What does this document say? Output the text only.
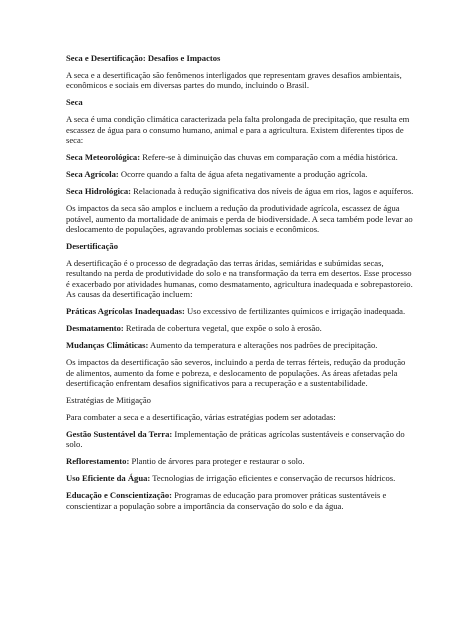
Seca e Desertificação: Desafios e Impactos

A seca e a desertificação são fenômenos interligados que representam graves desafios ambientais, econômicos e sociais em diversas partes do mundo, incluindo o Brasil.

Seca

A seca é uma condição climática caracterizada pela falta prolongada de precipitação, que resulta em escassez de água para o consumo humano, animal e para a agricultura. Existem diferentes tipos de seca:

Seca Meteorológica: Refere-se à diminuição das chuvas em comparação com a média histórica.

Seca Agrícola: Ocorre quando a falta de água afeta negativamente a produção agrícola.

Seca Hidrológica: Relacionada à redução significativa dos níveis de água em rios, lagos e aquíferos.

Os impactos da seca são amplos e incluem a redução da produtividade agrícola, escassez de água potável, aumento da mortalidade de animais e perda de biodiversidade. A seca também pode levar ao deslocamento de populações, agravando problemas sociais e econômicos.

Desertificação

A desertificação é o processo de degradação das terras áridas, semiáridas e subúmidas secas, resultando na perda de produtividade do solo e na transformação da terra em desertos. Esse processo é exacerbado por atividades humanas, como desmatamento, agricultura inadequada e sobrepastoreio. As causas da desertificação incluem:

Práticas Agrícolas Inadequadas: Uso excessivo de fertilizantes químicos e irrigação inadequada.

Desmatamento: Retirada de cobertura vegetal, que expõe o solo à erosão.

Mudanças Climáticas: Aumento da temperatura e alterações nos padrões de precipitação.

Os impactos da desertificação são severos, incluindo a perda de terras férteis, redução da produção de alimentos, aumento da fome e pobreza, e deslocamento de populações. As áreas afetadas pela desertificação enfrentam desafios significativos para a recuperação e a sustentabilidade.

Estratégias de Mitigação

Para combater a seca e a desertificação, várias estratégias podem ser adotadas:

Gestão Sustentável da Terra: Implementação de práticas agrícolas sustentáveis e conservação do solo.

Reflorestamento: Plantio de árvores para proteger e restaurar o solo.

Uso Eficiente da Água: Tecnologias de irrigação eficientes e conservação de recursos hídricos.

Educação e Conscientização: Programas de educação para promover práticas sustentáveis e conscientizar a população sobre a importância da conservação do solo e da água.
